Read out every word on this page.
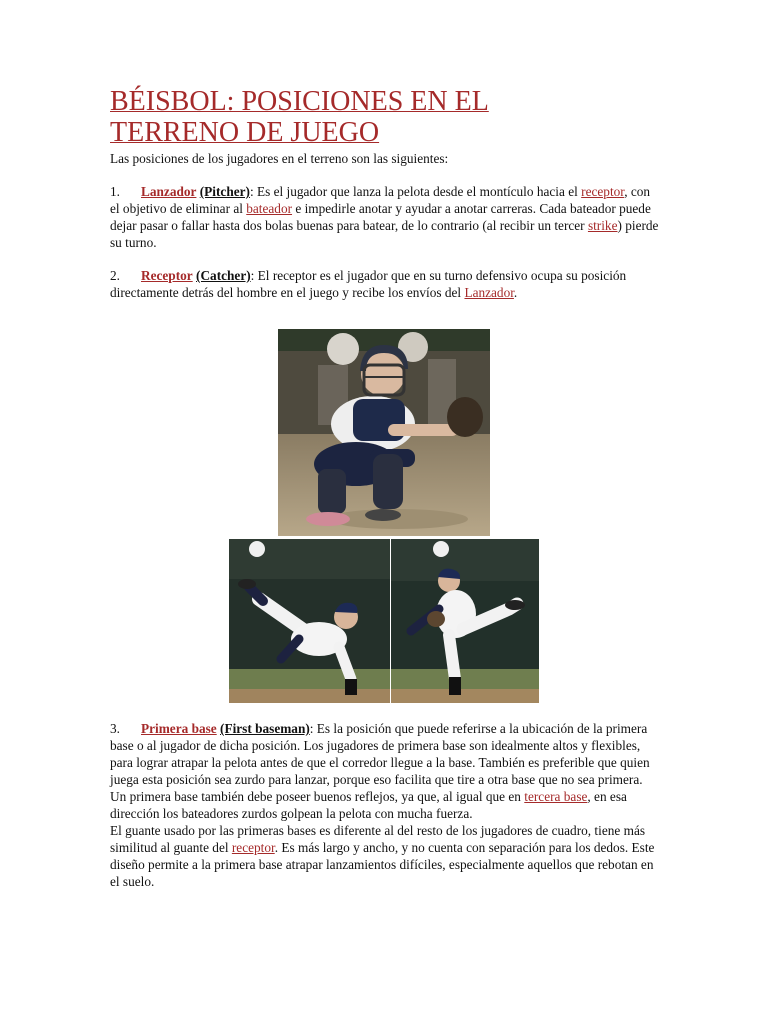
BÉISBOL: POSICIONES EN EL
TERRENO DE JUEGO

Las posiciones de los jugadores en el terreno son las siguientes:

1. Lanzador (Pitcher): Es el jugador que lanza la pelota desde el montículo hacia el receptor, con el objetivo de eliminar al bateador e impedirle anotar y ayudar a anotar carreras. Cada bateador puede dejar pasar o fallar hasta dos bolas buenas para batear, de lo contrario (al recibir un tercer strike) pierde su turno.

2. Receptor (Catcher): El receptor es el jugador que en su turno defensivo ocupa su posición directamente detrás del hombre en el juego y recibe los envíos del Lanzador.

3. Primera base (First baseman): Es la posición que puede referirse a la ubicación de la primera base o al jugador de dicha posición. Los jugadores de primera base son idealmente altos y flexibles, para lograr atrapar la pelota antes de que el corredor llegue a la base. También es preferible que quien juega esta posición sea zurdo para lanzar, porque eso facilita que tire a otra base que no sea primera. Un primera base también debe poseer buenos reflejos, ya que, al igual que en tercera base, en esa dirección los bateadores zurdos golpean la pelota con mucha fuerza.
El guante usado por las primeras bases es diferente al del resto de los jugadores de cuadro, tiene más similitud al guante del receptor. Es más largo y ancho, y no cuenta con separación para los dedos. Este diseño permite a la primera base atrapar lanzamientos difíciles, especialmente aquellos que rebotan en el suelo.
